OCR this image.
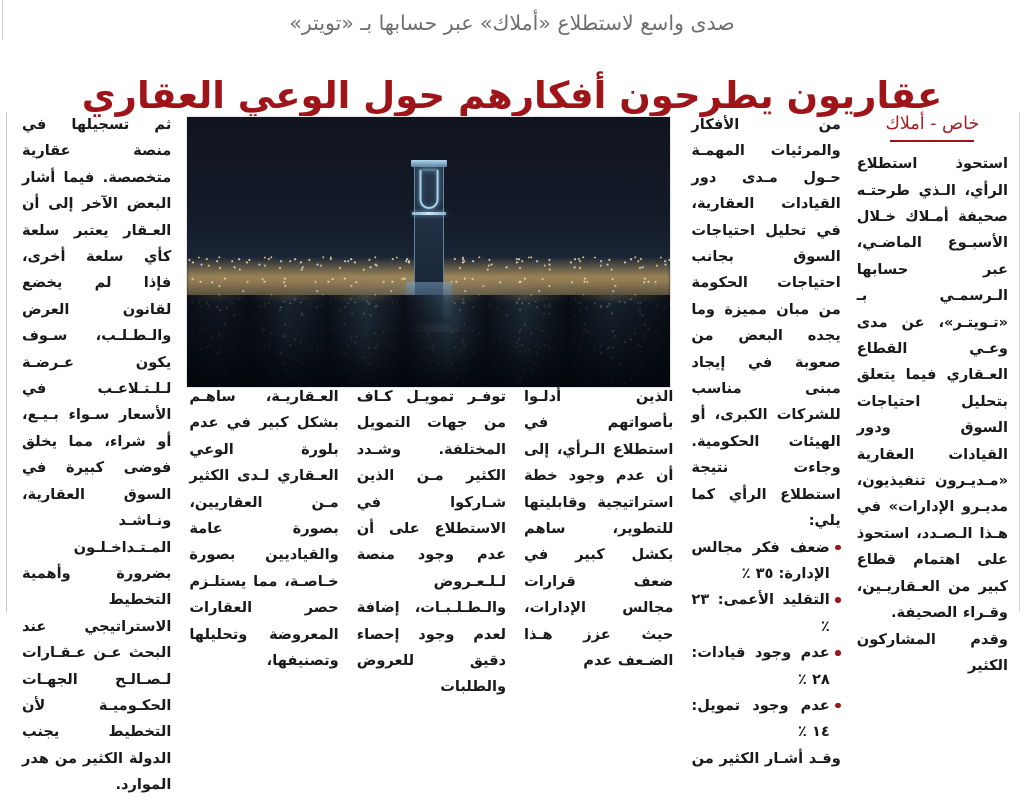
صدى واسع لاستطلاع «أملاك» عبر حسابها بـ «تويتر»
عقاريون يطرحون أفكارهم حول الوعي العقاري
خاص - أملاك

استحوذ استطلاع الرأي، الـذي طرحتـه صحيفة أمـلاك خـلال الأسبـوع الماضـي، عبر حسابها الـرسمـي بـ «تـويتـر»، عن مدى وعـي القطاع العـقاري فيما يتعلق بتحليل احتياجات السوق ودور القيادات العقارية «مـديـرون تنفيذيون، مديـرو الإدارات» في هـذا الـصـدد، استحوذ على اهتمام قطاع كبير من العـقاريـين، وقـراء الصحيفة.

وقدم المشاركون الكثير

من الأفكار والمرئيات المهمـة حـول مـدى دور القيادات العقارية، في تحليل احتياجات السوق بجانب احتياجات الحكومة من مبان مميزة وما يجده البعض من صعوبة في إيجاد مبنى مناسب للشركات الكبرى، أو الهيئات الحكومية. وجاءت نتيجة استطلاع الرأي كما يلي:

ضعف فكر مجالس الإدارة: ٣٥ ٪
التقليد الأعمى: ٢٣ ٪
عدم وجود قيادات: ٢٨ ٪
عدم وجود تمويل: ١٤ ٪

وقـد أشـار الكثير من

الذين أدلـوا بأصواتهم في استطلاع الـرأي، إلى أن عدم وجود خطة استراتيجية وقابليتها للتطوير، ساهم بكشل كبير في ضعف قرارات مجالس الإدارات، حيث عزز هـذا الضـعف عدم

توفـر تمويـل كـاف من جهات التمويل المختلفة. وشـدد الكثير مـن الذين شـاركوا في الاستطلاع على أن عدم وجود منصة لـلـعـروض والـطـلـبـات، إضافة لعدم وجود إحصاء دقيق للعروض والطلبات

العـقاريـة، ساهـم بشكل كبير في عدم بلورة الوعي العـقاري لـدى الكثير مـن العقاريين، بصورة عامة والقياديين بصورة خـاصـة، مما يستلـزم حصر العقارات المعروضة وتحليلها وتصنيفها،

ثم تسجيلها في منصة عقارية متخصصة. فيما أشار البعض الآخر إلى أن العـقار يعتبر سلعة كأي سلعة أخرى، فإذا لم يخضع لقانون العرض والـطـلـب، سـوف يكون عـرضـة لـلـتـلاعـب في الأسعار سـواء بـيـع، أو شراء، مما يخلق فوضى كبيرة في السوق العقارية، ونـاشـد المـتـداخـلـون بضرورة وأهمية التخطيط الاستراتيجي عند البحث عـن عـقـارات لـصـالـح الجهـات الحكـوميـة لأن التخطيط يجنب الدولة الكثير من هدر الموارد.
